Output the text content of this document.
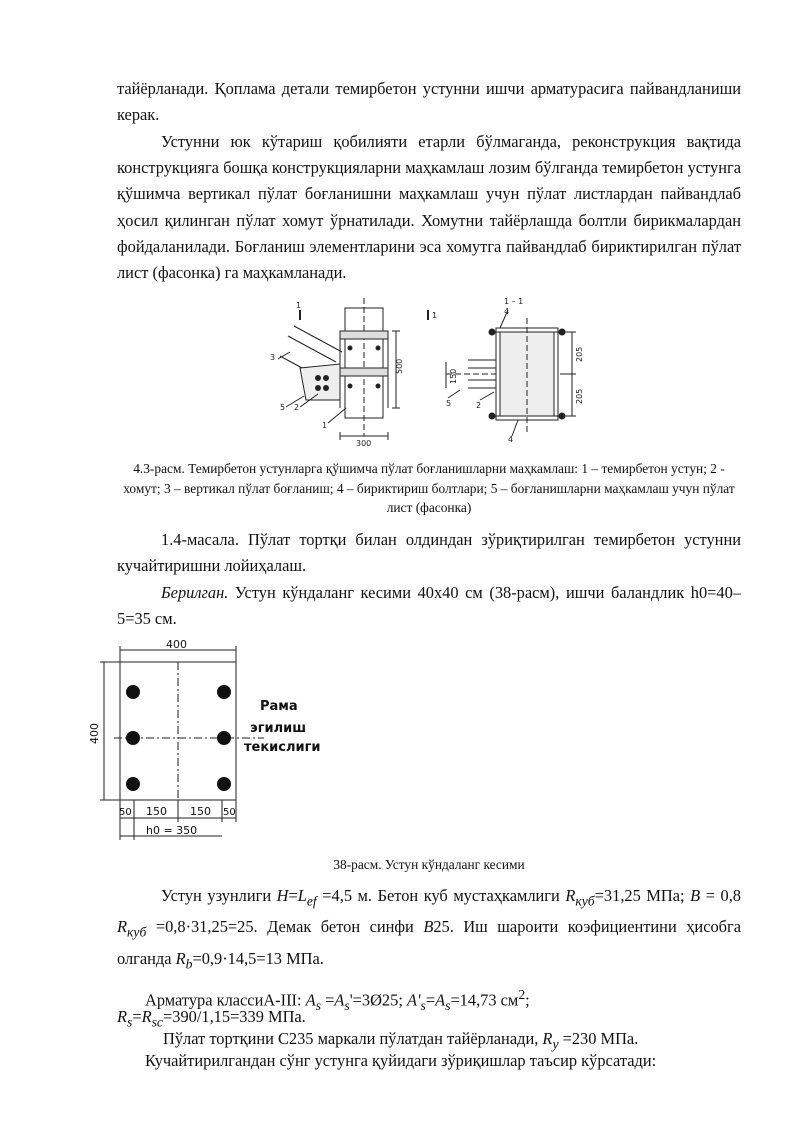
тайёрланади. Қоплама детали темирбетон устунни ишчи арматурасига пайвандланиши керак.

Устунни юк кўтариш қобилияти етарли бўлмаганда, реконструкция вақтида конструкцияга бошқа конструкцияларни маҳкамлаш лозим бўлганда темирбетон устунга қўшимча вертикал пўлат боғланишни маҳкамлаш учун пўлат листлардан пайвандлаб ҳосил қилинган пўлат хомут ўрнатилади. Хомутни тайёрлашда болтли бирикмалардан фойдаланилади. Боғланиш элементларини эса хомутга пайвандлаб бириктирилган пўлат лист (фасонка) га маҳкамланади.

1
1
500
300
3
5 2
1
1 – 1
4
205
205
150
5	2
4

4.3-расм. Темирбетон устунларга қўшимча пўлат боғланишларни маҳкамлаш: 1 – темирбетон устун; 2 - хомут; 3 – вертикал пўлат боғланиш; 4 – бириктириш болтлари; 5 – боғланишларни маҳкамлаш учун пўлат лист (фасонка)

1.4-масала. Пўлат тортқи билан олдиндан зўриқтирилган темирбетон устунни кучайтиришни лойиҳалаш.

Берилган. Устун кўндаланг кесими 40х40 см (38-расм), ишчи баландлик h0=40–5=35 см.

400
400
50 150 150 50
h0 = 350
Рама
эгилиш
текислиги

38-расм. Устун кўндаланг кесими

Устун узунлиги $H=L_{ef} =4,5$ м. Бетон куб мустаҳкамлиги $R_{куб}=31,25$ МПа; B = 0,8 $R_{куб} =0,8\cdot 31,25=25$. Демак бетон синфи B25. Иш шароити коэфициентини ҳисобга олганда $R_b=0,9\cdot 14,5=13$ МПа.

Арматура классиA-III: $A_s$ $=A_s'=3Ø25$; $A'_s=A_s=14,73$ $см^2$;

$R_s=R_{sc}=390/1,15=339$ МПа.

Пўлат тортқини С235 маркали пўлатдан тайёрланади, $R_y =230$ МПа.

Кучайтирилгандан сўнг устунга қуйидаги зўриқишлар таъсир кўрсатади:
